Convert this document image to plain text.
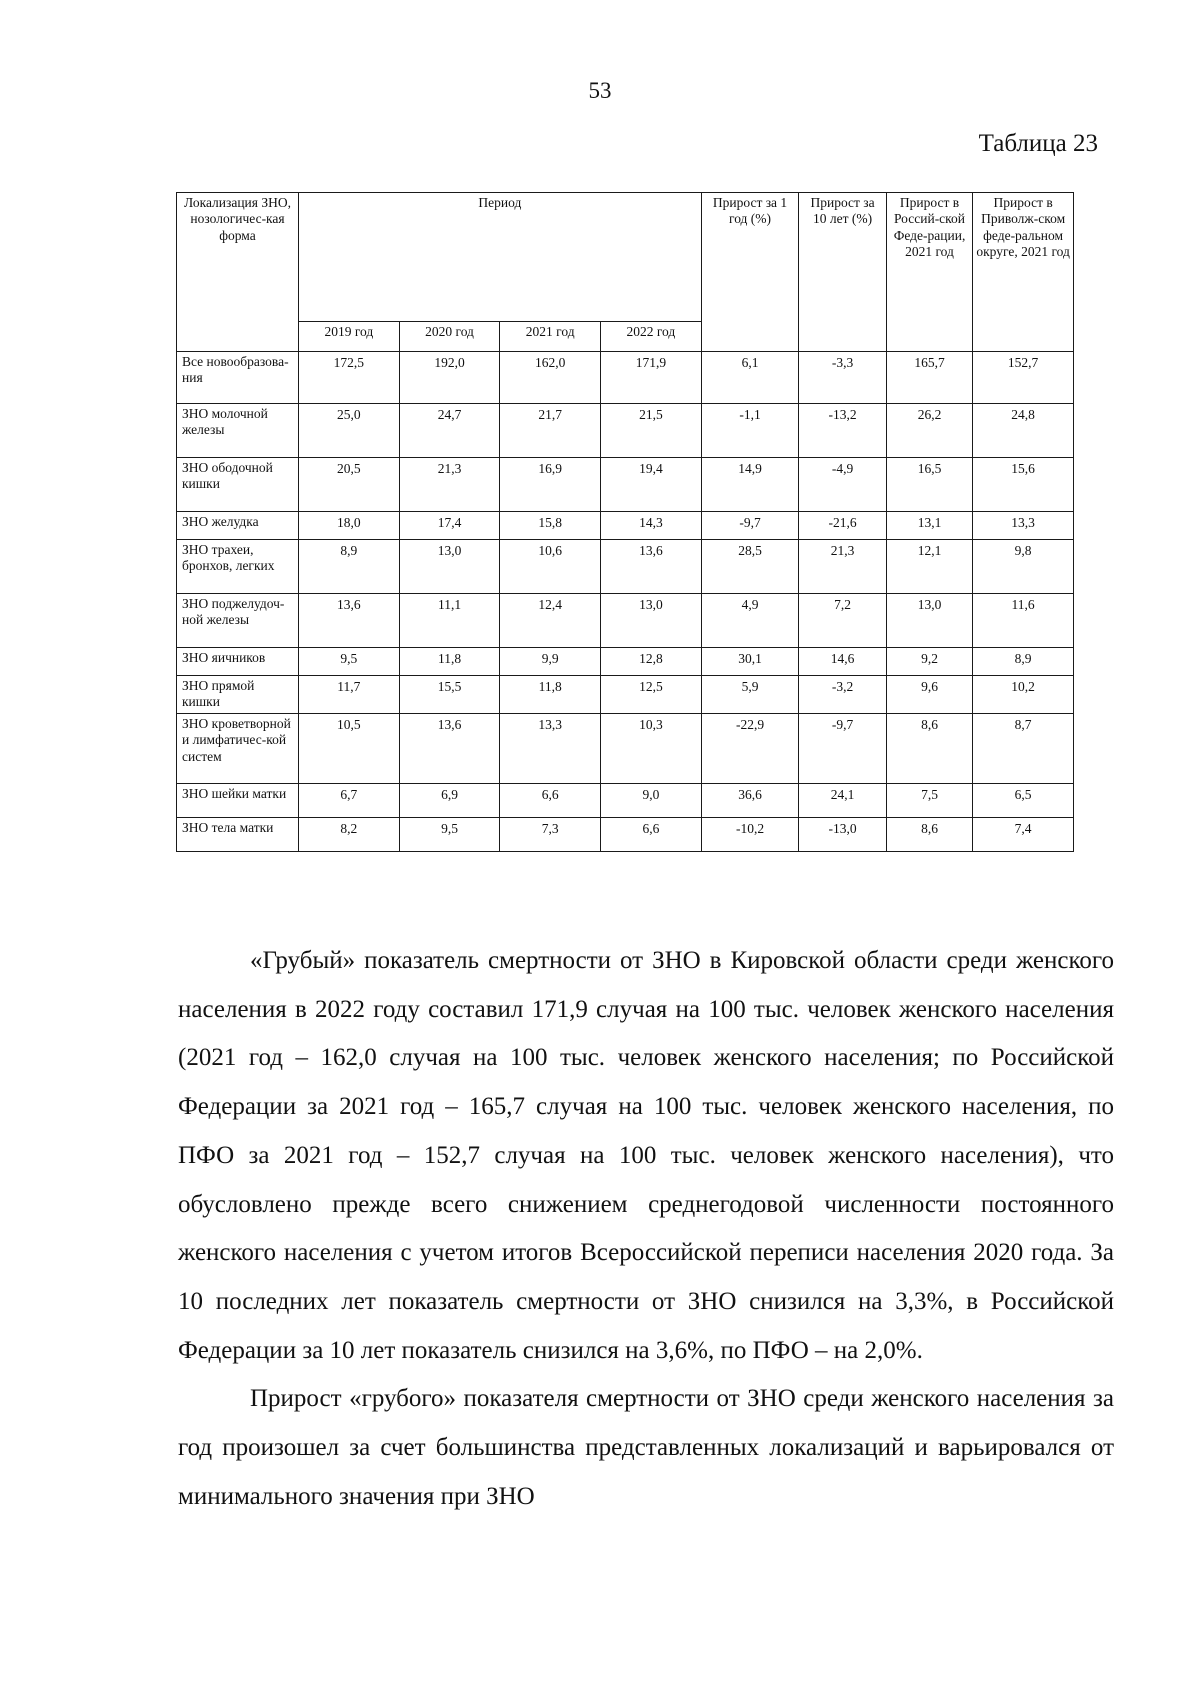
53
Таблица 23
Локализация ЗНО, нозологичес-кая форма	Период				Прирост за 1 год (%)	Прирост за 10 лет (%)	Прирост в Россий-ской Феде-рации, 2021 год	Прирост в Приволж-ском феде-ральном округе, 2021 год
	2019 год	2020 год	2021 год	2022 год				
Все новообразова-ния	172,5	192,0	162,0	171,9	6,1	-3,3	165,7	152,7
ЗНО молочной железы	25,0	24,7	21,7	21,5	-1,1	-13,2	26,2	24,8
ЗНО ободочной кишки	20,5	21,3	16,9	19,4	14,9	-4,9	16,5	15,6
ЗНО желудка	18,0	17,4	15,8	14,3	-9,7	-21,6	13,1	13,3
ЗНО трахеи, бронхов, легких	8,9	13,0	10,6	13,6	28,5	21,3	12,1	9,8
ЗНО поджелудоч-ной железы	13,6	11,1	12,4	13,0	4,9	7,2	13,0	11,6
ЗНО яичников	9,5	11,8	9,9	12,8	30,1	14,6	9,2	8,9
ЗНО прямой кишки	11,7	15,5	11,8	12,5	5,9	-3,2	9,6	10,2
ЗНО кроветворной и лимфатичес-кой систем	10,5	13,6	13,3	10,3	-22,9	-9,7	8,6	8,7
ЗНО шейки матки	6,7	6,9	6,6	9,0	36,6	24,1	7,5	6,5
ЗНО тела матки	8,2	9,5	7,3	6,6	-10,2	-13,0	8,6	7,4

«Грубый» показатель смертности от ЗНО в Кировской области среди женского населения в 2022 году составил 171,9 случая на 100 тыс. человек женского населения (2021 год – 162,0 случая на 100 тыс. человек женского населения; по Российской Федерации за 2021 год – 165,7 случая на 100 тыс. человек женского населения, по ПФО за 2021 год – 152,7 случая на 100 тыс. человек женского населения), что обусловлено прежде всего снижением среднегодовой численности постоянного женского населения с учетом итогов Всероссийской переписи населения 2020 года. За 10 последних лет показатель смертности от ЗНО снизился на 3,3%, в Российской Федерации за 10 лет показатель снизился на 3,6%, по ПФО – на 2,0%.

Прирост «грубого» показателя смертности от ЗНО среди женского населения за год произошел за счет большинства представленных локализаций и варьировался от минимального значения при ЗНО
